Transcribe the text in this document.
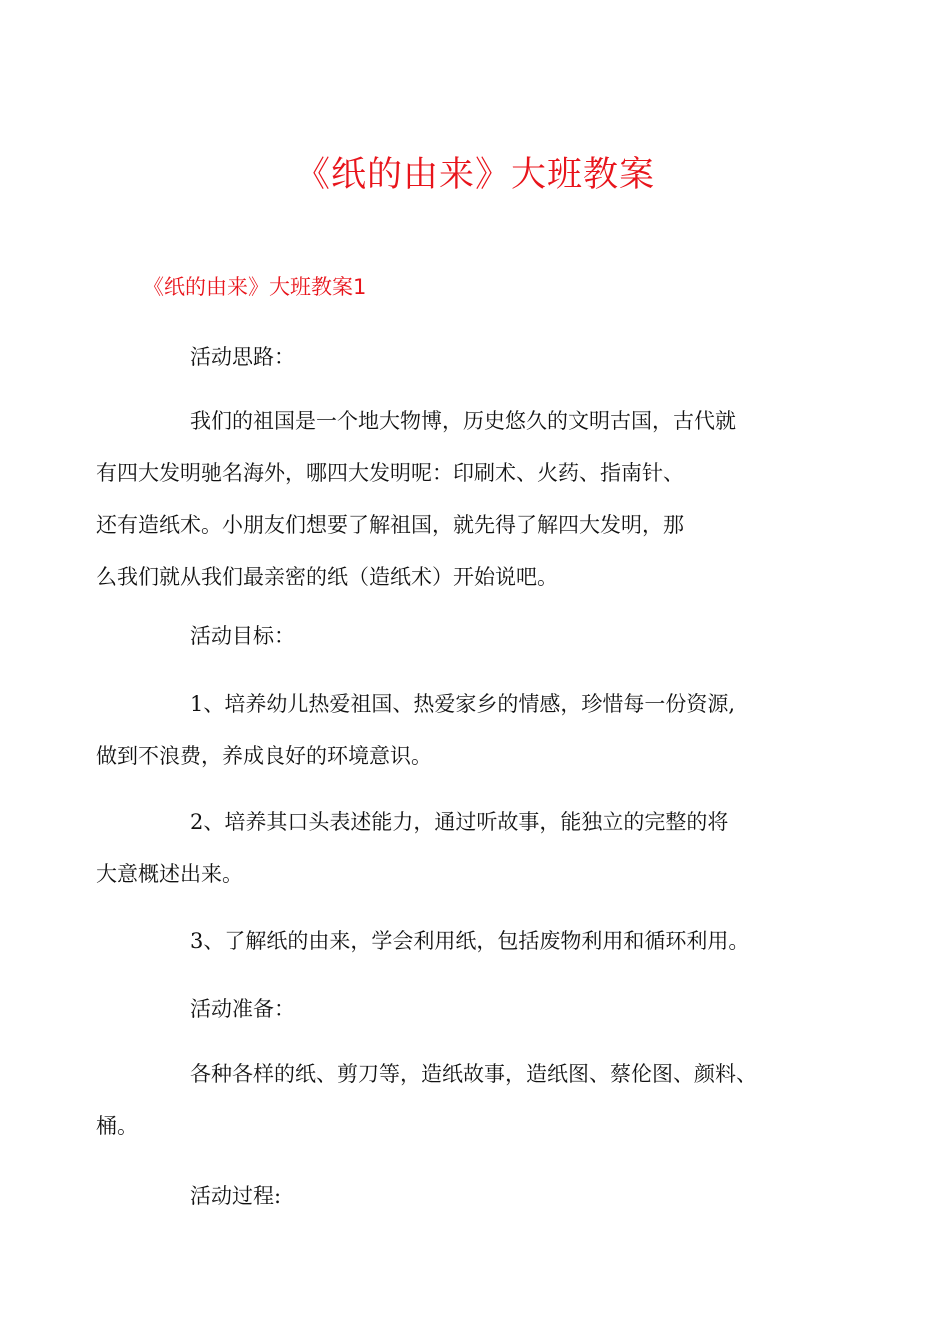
《纸的由来》大班教案
《纸的由来》大班教案1

活动思路：

我们的祖国是一个地大物博，历史悠久的文明古国，古代就
有四大发明驰名海外，哪四大发明呢：印刷术、火药、指南针、
还有造纸术。小朋友们想要了解祖国，就先得了解四大发明，那
么我们就从我们最亲密的纸（造纸术）开始说吧。

活动目标：

1、培养幼儿热爱祖国、热爱家乡的情感，珍惜每一份资源,
做到不浪费，养成良好的环境意识。

2、培养其口头表述能力，通过听故事，能独立的完整的将
大意概述出来。

3、了解纸的由来，学会利用纸，包括废物利用和循环利用。

活动准备：

各种各样的纸、剪刀等，造纸故事，造纸图、蔡伦图、颜料、
桶。

活动过程:
